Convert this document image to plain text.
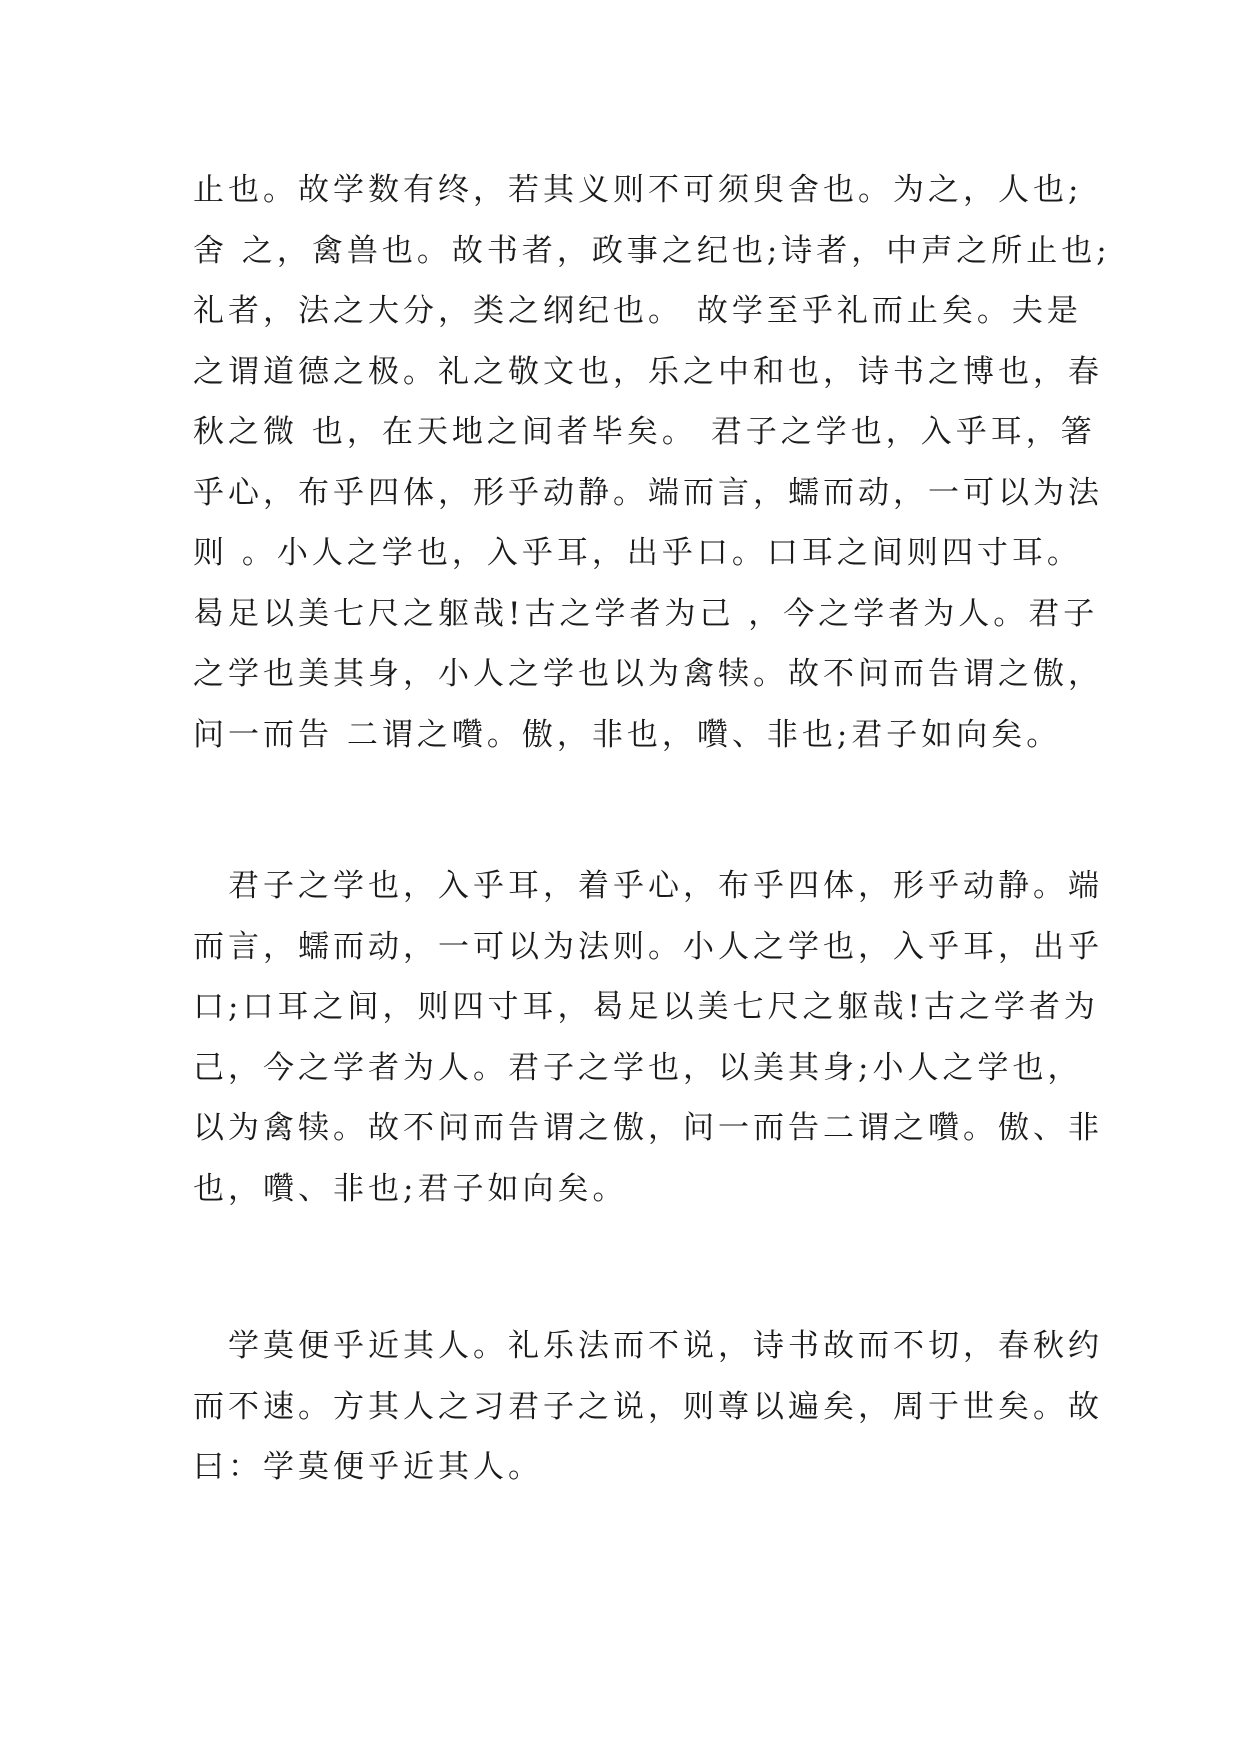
止也。故学数有终，若其义则不可须臾舍也。为之，人也;
舍 之，禽兽也。故书者，政事之纪也;诗者，中声之所止也;
礼者，法之大分，类之纲纪也。 故学至乎礼而止矣。夫是
之谓道德之极。礼之敬文也，乐之中和也，诗书之博也，春
秋之微 也，在天地之间者毕矣。 君子之学也，入乎耳，箸
乎心，布乎四体，形乎动静。端而言，蠕而动，一可以为法
则 。小人之学也，入乎耳，出乎口。口耳之间则四寸耳。
曷足以美七尺之躯哉!古之学者为己 ，今之学者为人。君子
之学也美其身，小人之学也以为禽犊。故不问而告谓之傲，
问一而告 二谓之囋。傲，非也，囋、非也;君子如向矣。
　君子之学也，入乎耳，着乎心，布乎四体，形乎动静。端
而言，蠕而动，一可以为法则。小人之学也，入乎耳，出乎
口;口耳之间，则四寸耳，曷足以美七尺之躯哉!古之学者为
己，今之学者为人。君子之学也，以美其身;小人之学也，
以为禽犊。故不问而告谓之傲，问一而告二谓之囋。傲、非
也，囋、非也;君子如向矣。
　学莫便乎近其人。礼乐法而不说，诗书故而不切，春秋约
而不速。方其人之习君子之说，则尊以遍矣，周于世矣。故
曰：学莫便乎近其人。
